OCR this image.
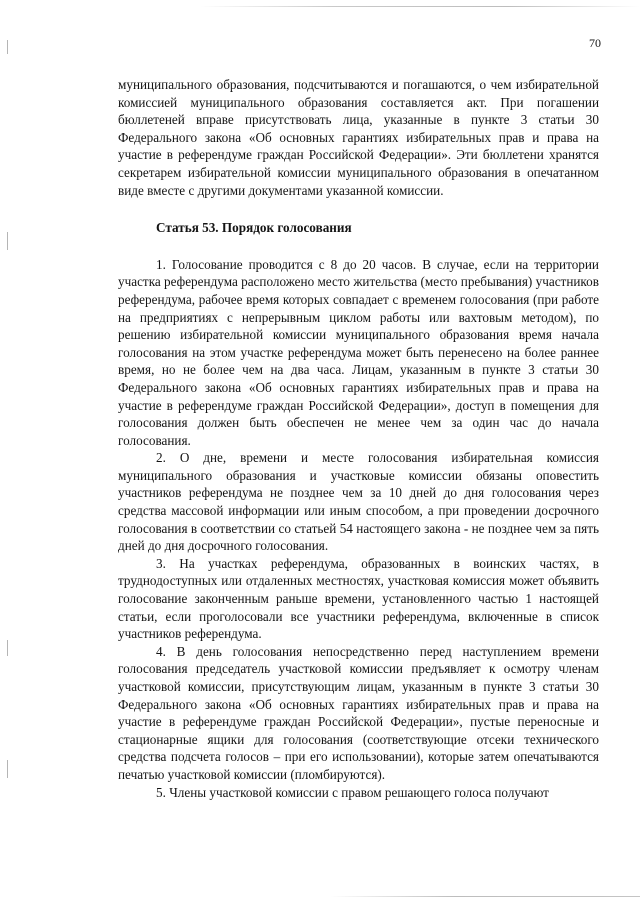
70

муниципального образования, подсчитываются и погашаются, о чем избирательной комиссией муниципального образования составляется акт. При погашении бюллетеней вправе присутствовать лица, указанные в пункте 3 статьи 30 Федерального закона «Об основных гарантиях избирательных прав и права на участие в референдуме граждан Российской Федерации». Эти бюллетени хранятся секретарем избирательной комиссии муниципального образования в опечатанном виде вместе с другими документами указанной комиссии.

Статья 53. Порядок голосования

1. Голосование проводится с 8 до 20 часов. В случае, если на территории участка референдума расположено место жительства (место пребывания) участников референдума, рабочее время которых совпадает с временем голосования (при работе на предприятиях с непрерывным циклом работы или вахтовым методом), по решению избирательной комиссии муниципального образования время начала голосования на этом участке референдума может быть перенесено на более раннее время, но не более чем на два часа. Лицам, указанным в пункте 3 статьи 30 Федерального закона «Об основных гарантиях избирательных прав и права на участие в референдуме граждан Российской Федерации», доступ в помещения для голосования должен быть обеспечен не менее чем за один час до начала голосования.

2. О дне, времени и месте голосования избирательная комиссия муниципального образования и участковые комиссии обязаны оповестить участников референдума не позднее чем за 10 дней до дня голосования через средства массовой информации или иным способом, а при проведении досрочного голосования в соответствии со статьей 54 настоящего закона - не позднее чем за пять дней до дня досрочного голосования.

3. На участках референдума, образованных в воинских частях, в труднодоступных или отдаленных местностях, участковая комиссия может объявить голосование законченным раньше времени, установленного частью 1 настоящей статьи, если проголосовали все участники референдума, включенные в список участников референдума.

4. В день голосования непосредственно перед наступлением времени голосования председатель участковой комиссии предъявляет к осмотру членам участковой комиссии, присутствующим лицам, указанным в пункте 3 статьи 30 Федерального закона «Об основных гарантиях избирательных прав и права на участие в референдуме граждан Российской Федерации», пустые переносные и стационарные ящики для голосования (соответствующие отсеки технического средства подсчета голосов – при его использовании), которые затем опечатываются печатью участковой комиссии (пломбируются).

5. Члены участковой комиссии с правом решающего голоса получают
